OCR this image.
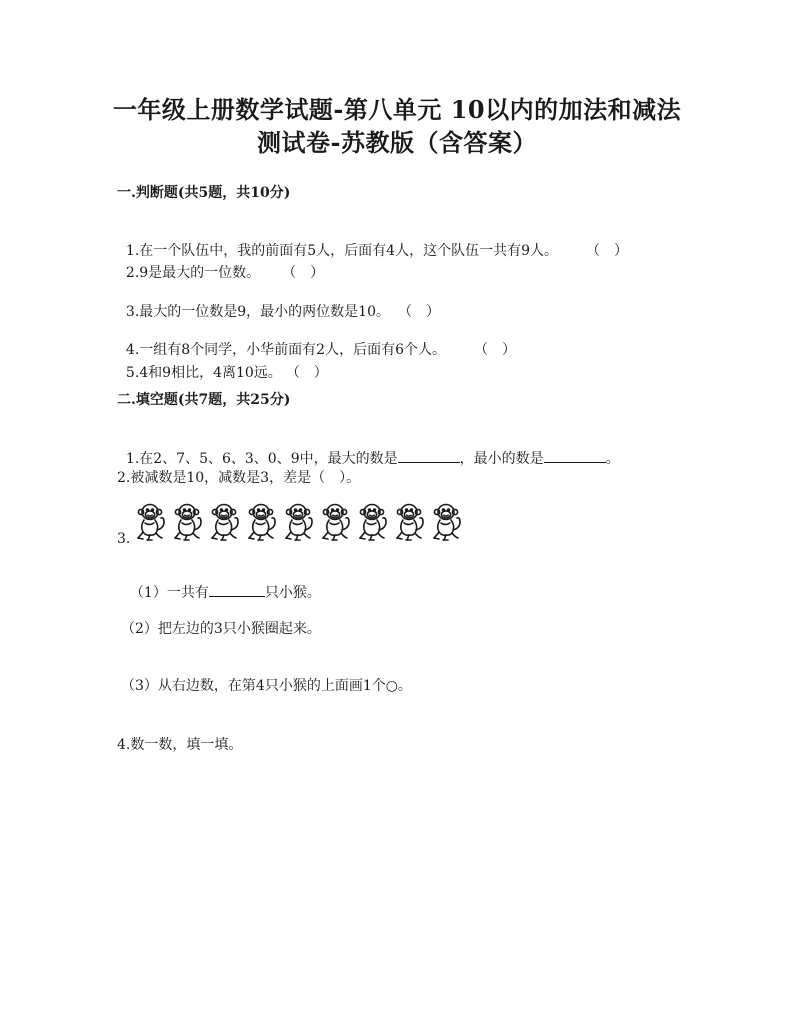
一年级上册数学试题-第八单元 10以内的加法和减法
测试卷-苏教版（含答案）
一.判断题(共5题，共10分)

1.在一个队伍中，我的前面有5人，后面有4人，这个队伍一共有9人。 （　）

2.9是最大的一位数。 （　）

3.最大的一位数是9，最小的两位数是10。 （　）

4.一组有8个同学，小华前面有2人，后面有6个人。 （　）

5.4和9相比，4离10远。 （　）

二.填空题(共7题，共25分)

1.在2、7、5、6、3、0、9中，最大的数是	，最小的数是	。

2.被减数是10，减数是3，差是（　）。
3.

（1）一共有	只小猴。

（2）把左边的3只小猴圈起来。
（3）从右边数，在第4只小猴的上面画1个○。
4.数一数，填一填。
